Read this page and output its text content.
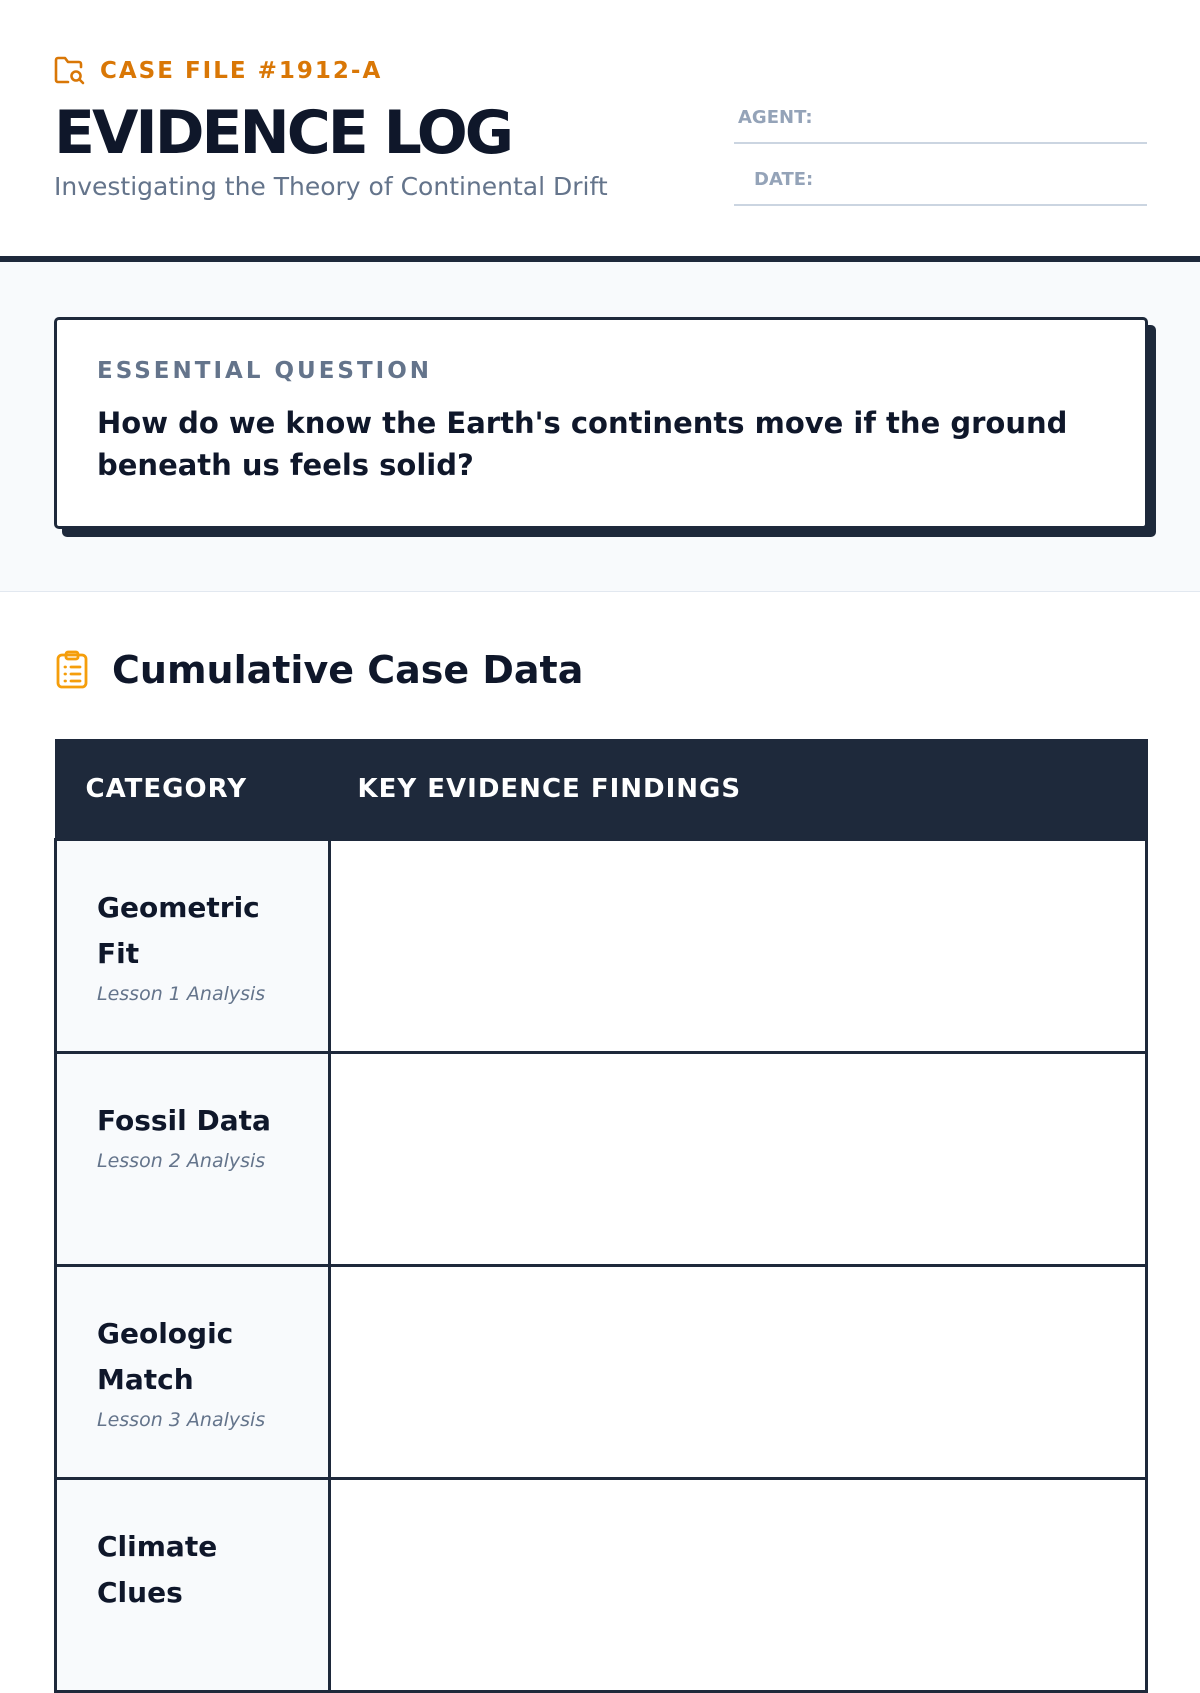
CASE FILE #1912-A
EVIDENCE LOG
Investigating the Theory of Continental Drift
AGENT:
DATE:
ESSENTIAL QUESTION
How do we know the Earth's continents move if the ground beneath us feels solid?
Cumulative Case Data
CATEGORY	KEY EVIDENCE FINDINGS

Geometric Fit
Lesson 1 Analysis	

Fossil Data
Lesson 2 Analysis	

Geologic Match
Lesson 3 Analysis	

Climate Clues	
